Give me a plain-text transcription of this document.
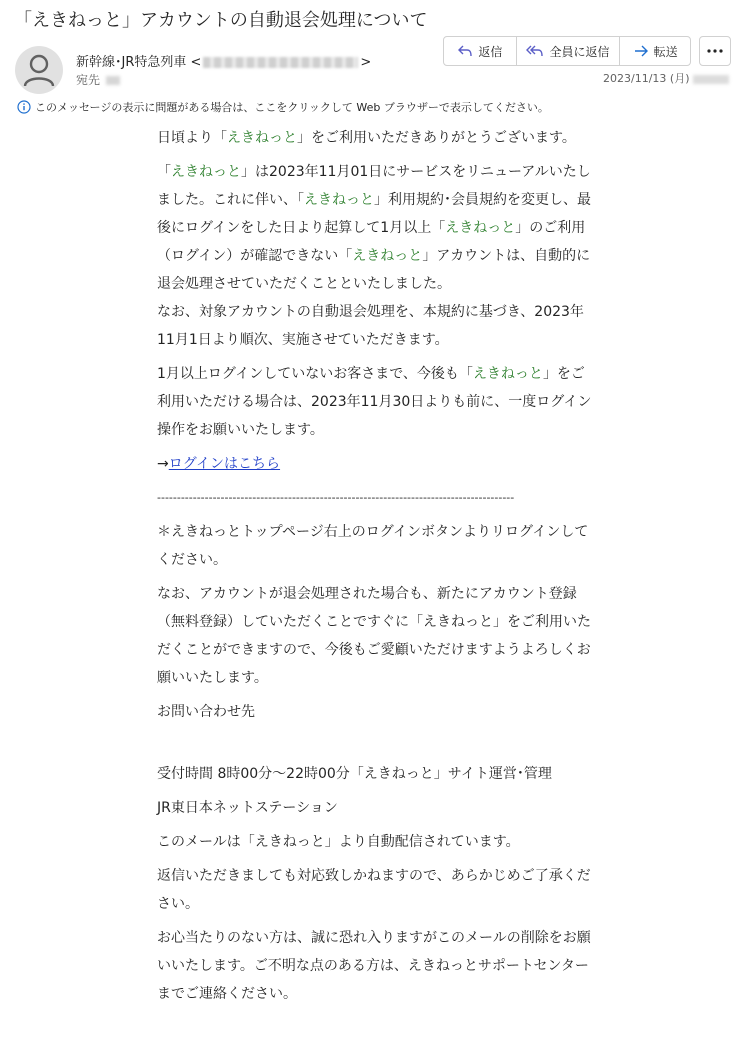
「えきねっと」アカウントの自動退会処理について
新幹線･JR特急列車 <	>
宛先
返信	全員に返信	転送
2023/11/13 (月)
このメッセージの表示に問題がある場合は、ここをクリックして Web ブラウザーで表示してください。

日頃より「えきねっと」をご利用いただきありがとうございます。

「えきねっと」は2023年11月01日にサービスをリニューアルいたしました。これに伴い、「えきねっと」利用規約･会員規約を変更し、最後にログインをした日より起算して1月以上「えきねっと」のご利用（ログイン）が確認できない「えきねっと」アカウントは、自動的に退会処理させていただくことといたしました。
なお、対象アカウントの自動退会処理を、本規約に基づき、2023年11月1日より順次、実施させていただきます。

1月以上ログインしていないお客さまで、今後も「えきねっと」をご利用いただける場合は、2023年11月30日よりも前に、一度ログイン操作をお願いいたします。

→ログインはこちら

------------------------------------------------------------------------------------------

＊えきねっとトップページ右上のログインボタンよりリログインしてください。

なお、アカウントが退会処理された場合も、新たにアカウント登録（無料登録）していただくことですぐに「えきねっと」をご利用いただくことができますので、今後もご愛顧いただけますようよろしくお願いいたします。

お問い合わせ先

受付時間 8時00分〜22時00分「えきねっと」サイト運営･管理

JR東日本ネットステーション

このメールは「えきねっと」より自動配信されています。

返信いただきましても対応致しかねますので、あらかじめご了承ください。

お心当たりのない方は、誠に恐れ入りますがこのメールの削除をお願いいたします。ご不明な点のある方は、えきねっとサポートセンターまでご連絡ください。
